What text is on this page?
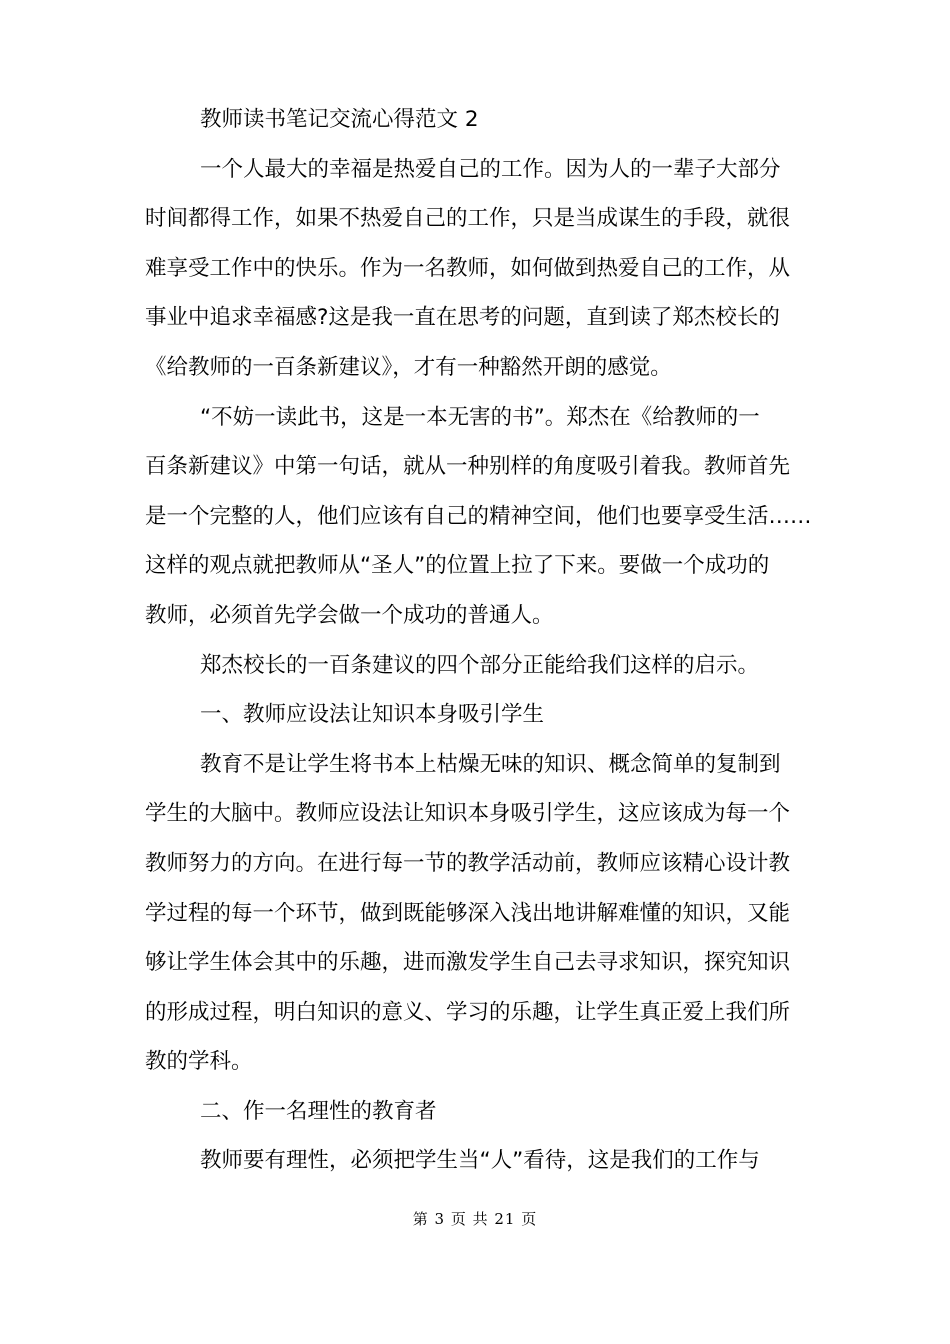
教师读书笔记交流心得范文 2
一个人最大的幸福是热爱自己的工作。因为人的一辈子大部分
时间都得工作，如果不热爱自己的工作，只是当成谋生的手段，就很
难享受工作中的快乐。作为一名教师，如何做到热爱自己的工作，从
事业中追求幸福感?这是我一直在思考的问题，直到读了郑杰校长的
《给教师的一百条新建议》，才有一种豁然开朗的感觉。
“不妨一读此书，这是一本无害的书”。郑杰在《给教师的一
百条新建议》中第一句话，就从一种别样的角度吸引着我。教师首先
是一个完整的人，他们应该有自己的精神空间，他们也要享受生活……
这样的观点就把教师从“圣人”的位置上拉了下来。要做一个成功的
教师，必须首先学会做一个成功的普通人。
郑杰校长的一百条建议的四个部分正能给我们这样的启示。
一、教师应设法让知识本身吸引学生
教育不是让学生将书本上枯燥无味的知识、概念简单的复制到
学生的大脑中。教师应设法让知识本身吸引学生，这应该成为每一个
教师努力的方向。在进行每一节的教学活动前，教师应该精心设计教
学过程的每一个环节，做到既能够深入浅出地讲解难懂的知识，又能
够让学生体会其中的乐趣，进而激发学生自己去寻求知识，探究知识
的形成过程，明白知识的意义、学习的乐趣，让学生真正爱上我们所
教的学科。
二、作一名理性的教育者
教师要有理性，必须把学生当“人”看待，这是我们的工作与
第 3 页 共 21 页
